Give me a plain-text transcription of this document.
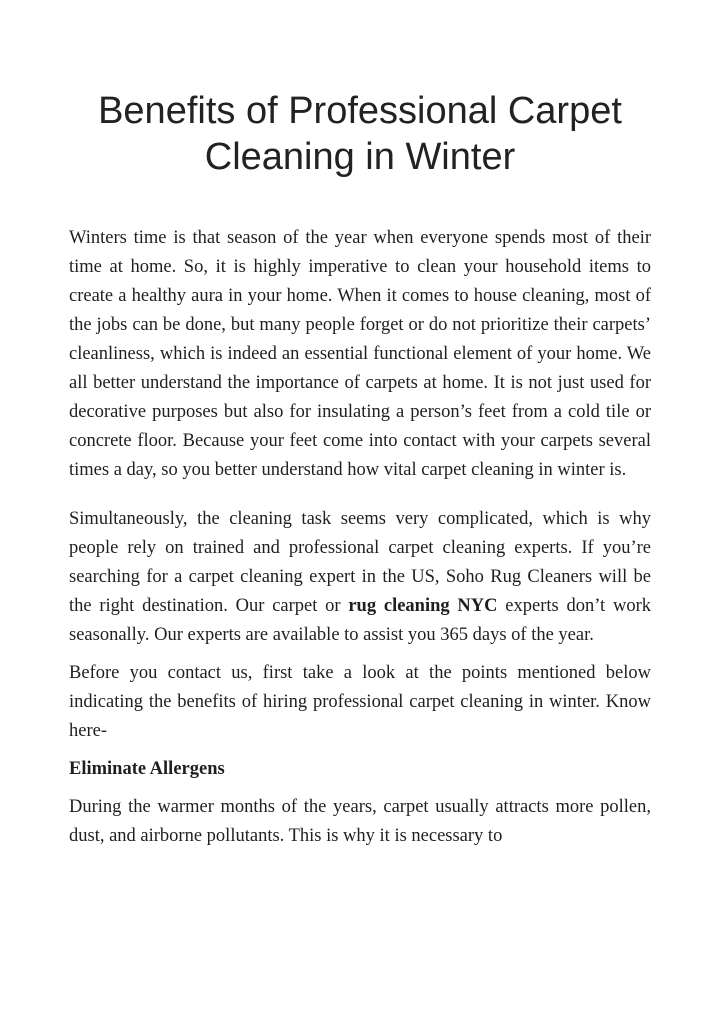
Benefits of Professional Carpet Cleaning in Winter

Winters time is that season of the year when everyone spends most of their time at home. So, it is highly imperative to clean your household items to create a healthy aura in your home. When it comes to house cleaning, most of the jobs can be done, but many people forget or do not prioritize their carpets’ cleanliness, which is indeed an essential functional element of your home. We all better understand the importance of carpets at home. It is not just used for decorative purposes but also for insulating a person’s feet from a cold tile or concrete floor. Because your feet come into contact with your carpets several times a day, so you better understand how vital carpet cleaning in winter is.

Simultaneously, the cleaning task seems very complicated, which is why people rely on trained and professional carpet cleaning experts. If you’re searching for a carpet cleaning expert in the US, Soho Rug Cleaners will be the right destination. Our carpet or rug cleaning NYC experts don’t work seasonally. Our experts are available to assist you 365 days of the year.

Before you contact us, first take a look at the points mentioned below indicating the benefits of hiring professional carpet cleaning in winter. Know here-

Eliminate Allergens

During the warmer months of the years, carpet usually attracts more pollen, dust, and airborne pollutants. This is why it is necessary to
